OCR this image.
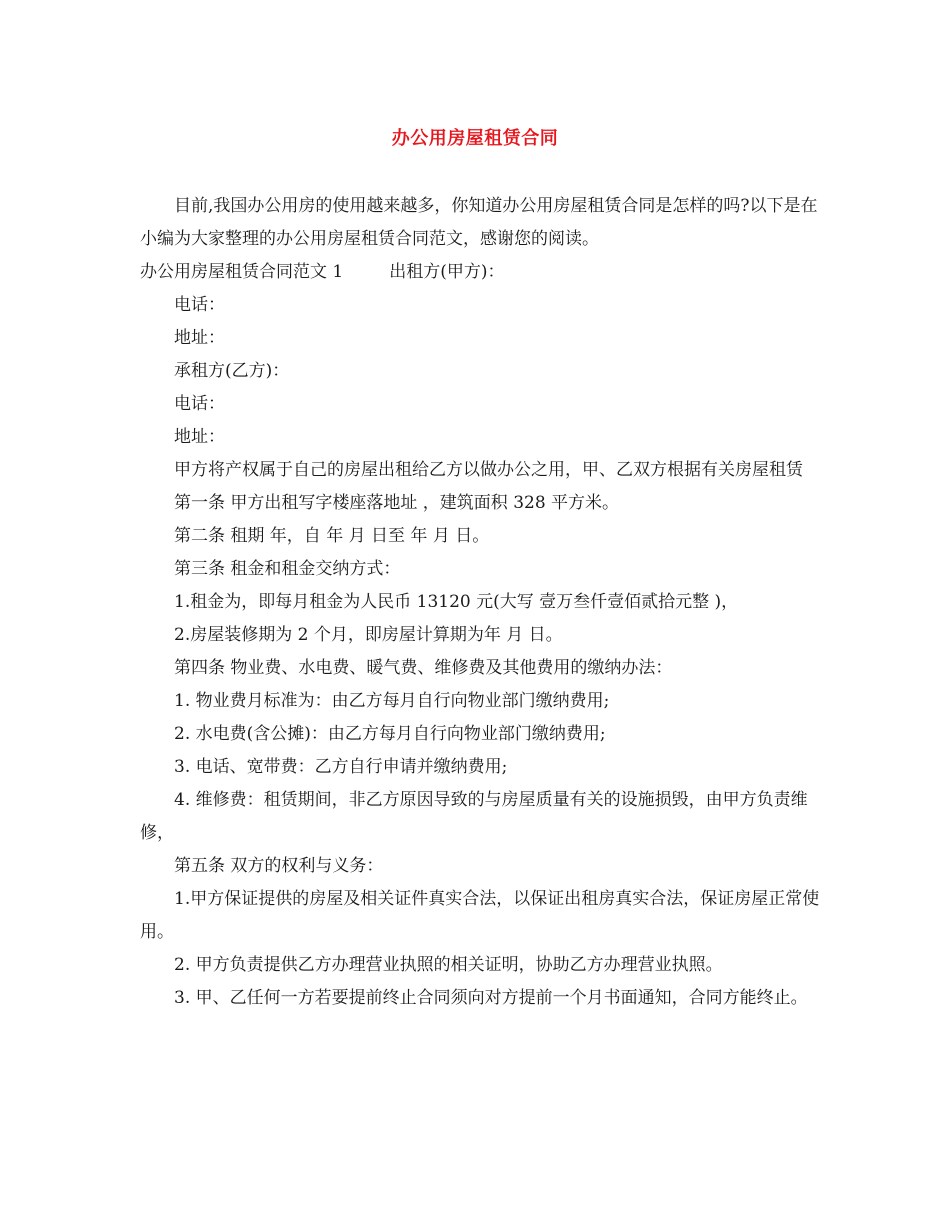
办公用房屋租赁合同

目前,我国办公用房的使用越来越多，你知道办公用房屋租赁合同是怎样的吗?以下是在小编为大家整理的办公用房屋租赁合同范文，感谢您的阅读。

办公用房屋租赁合同范文 1	出租方(甲方)：

电话：

地址：

承租方(乙方)：

电话：

地址：

甲方将产权属于自己的房屋出租给乙方以做办公之用，甲、乙双方根据有关房屋租赁

第一条 甲方出租写字楼座落地址 ，建筑面积 328 平方米。

第二条 租期 年，自 年 月 日至 年 月 日。

第三条 租金和租金交纳方式：

1.租金为，即每月租金为人民币 13120 元(大写 壹万叁仟壹佰贰拾元整 )，

2.房屋装修期为 2 个月，即房屋计算期为年 月 日。

第四条 物业费、水电费、暖气费、维修费及其他费用的缴纳办法：

1. 物业费月标准为：由乙方每月自行向物业部门缴纳费用;

2. 水电费(含公摊)：由乙方每月自行向物业部门缴纳费用;

3. 电话、宽带费：乙方自行申请并缴纳费用;

4. 维修费：租赁期间，非乙方原因导致的与房屋质量有关的设施损毁，由甲方负责维修，

第五条 双方的权利与义务：

1.甲方保证提供的房屋及相关证件真实合法，以保证出租房真实合法，保证房屋正常使用。

2. 甲方负责提供乙方办理营业执照的相关证明，协助乙方办理营业执照。

3. 甲、乙任何一方若要提前终止合同须向对方提前一个月书面通知，合同方能终止。
